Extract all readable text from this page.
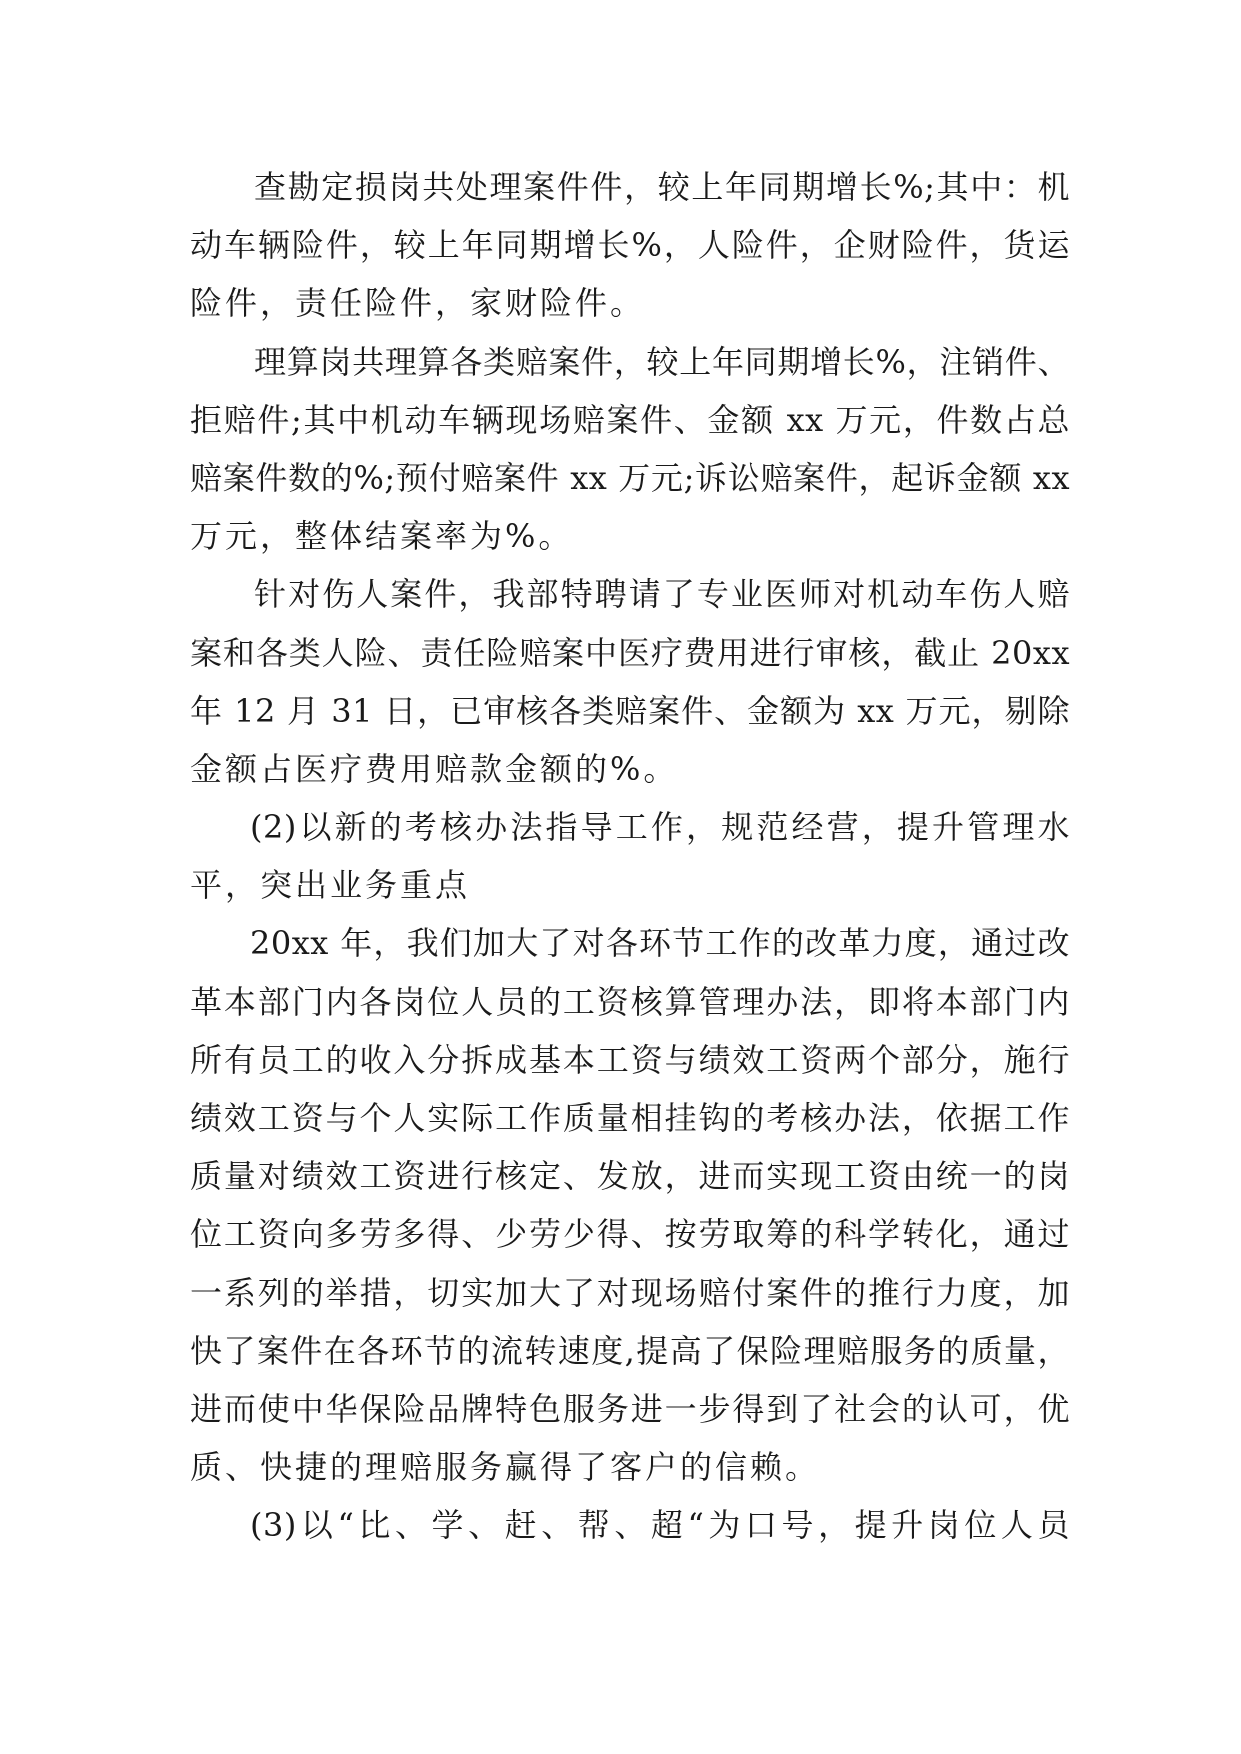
查勘定损岗共处理案件件，较上年同期增长%;其中：机
动车辆险件，较上年同期增长%，人险件，企财险件，货运
险件，责任险件，家财险件。
理算岗共理算各类赔案件，较上年同期增长%，注销件、
拒赔件;其中机动车辆现场赔案件、金额 xx 万元，件数占总
赔案件数的%;预付赔案件 xx 万元;诉讼赔案件，起诉金额 xx
万元，整体结案率为%。
针对伤人案件，我部特聘请了专业医师对机动车伤人赔
案和各类人险、责任险赔案中医疗费用进行审核，截止 20xx
年 12 月 31 日，已审核各类赔案件、金额为 xx 万元，剔除
金额占医疗费用赔款金额的%。
(2)以新的考核办法指导工作，规范经营，提升管理水
平，突出业务重点
20xx 年，我们加大了对各环节工作的改革力度，通过改
革本部门内各岗位人员的工资核算管理办法，即将本部门内
所有员工的收入分拆成基本工资与绩效工资两个部分，施行
绩效工资与个人实际工作质量相挂钩的考核办法，依据工作
质量对绩效工资进行核定、发放，进而实现工资由统一的岗
位工资向多劳多得、少劳少得、按劳取筹的科学转化，通过
一系列的举措，切实加大了对现场赔付案件的推行力度，加
快了案件在各环节的流转速度,提高了保险理赔服务的质量，
进而使中华保险品牌特色服务进一步得到了社会的认可，优
质、快捷的理赔服务赢得了客户的信赖。
(3)以“比、学、赶、帮、超“为口号，提升岗位人员
